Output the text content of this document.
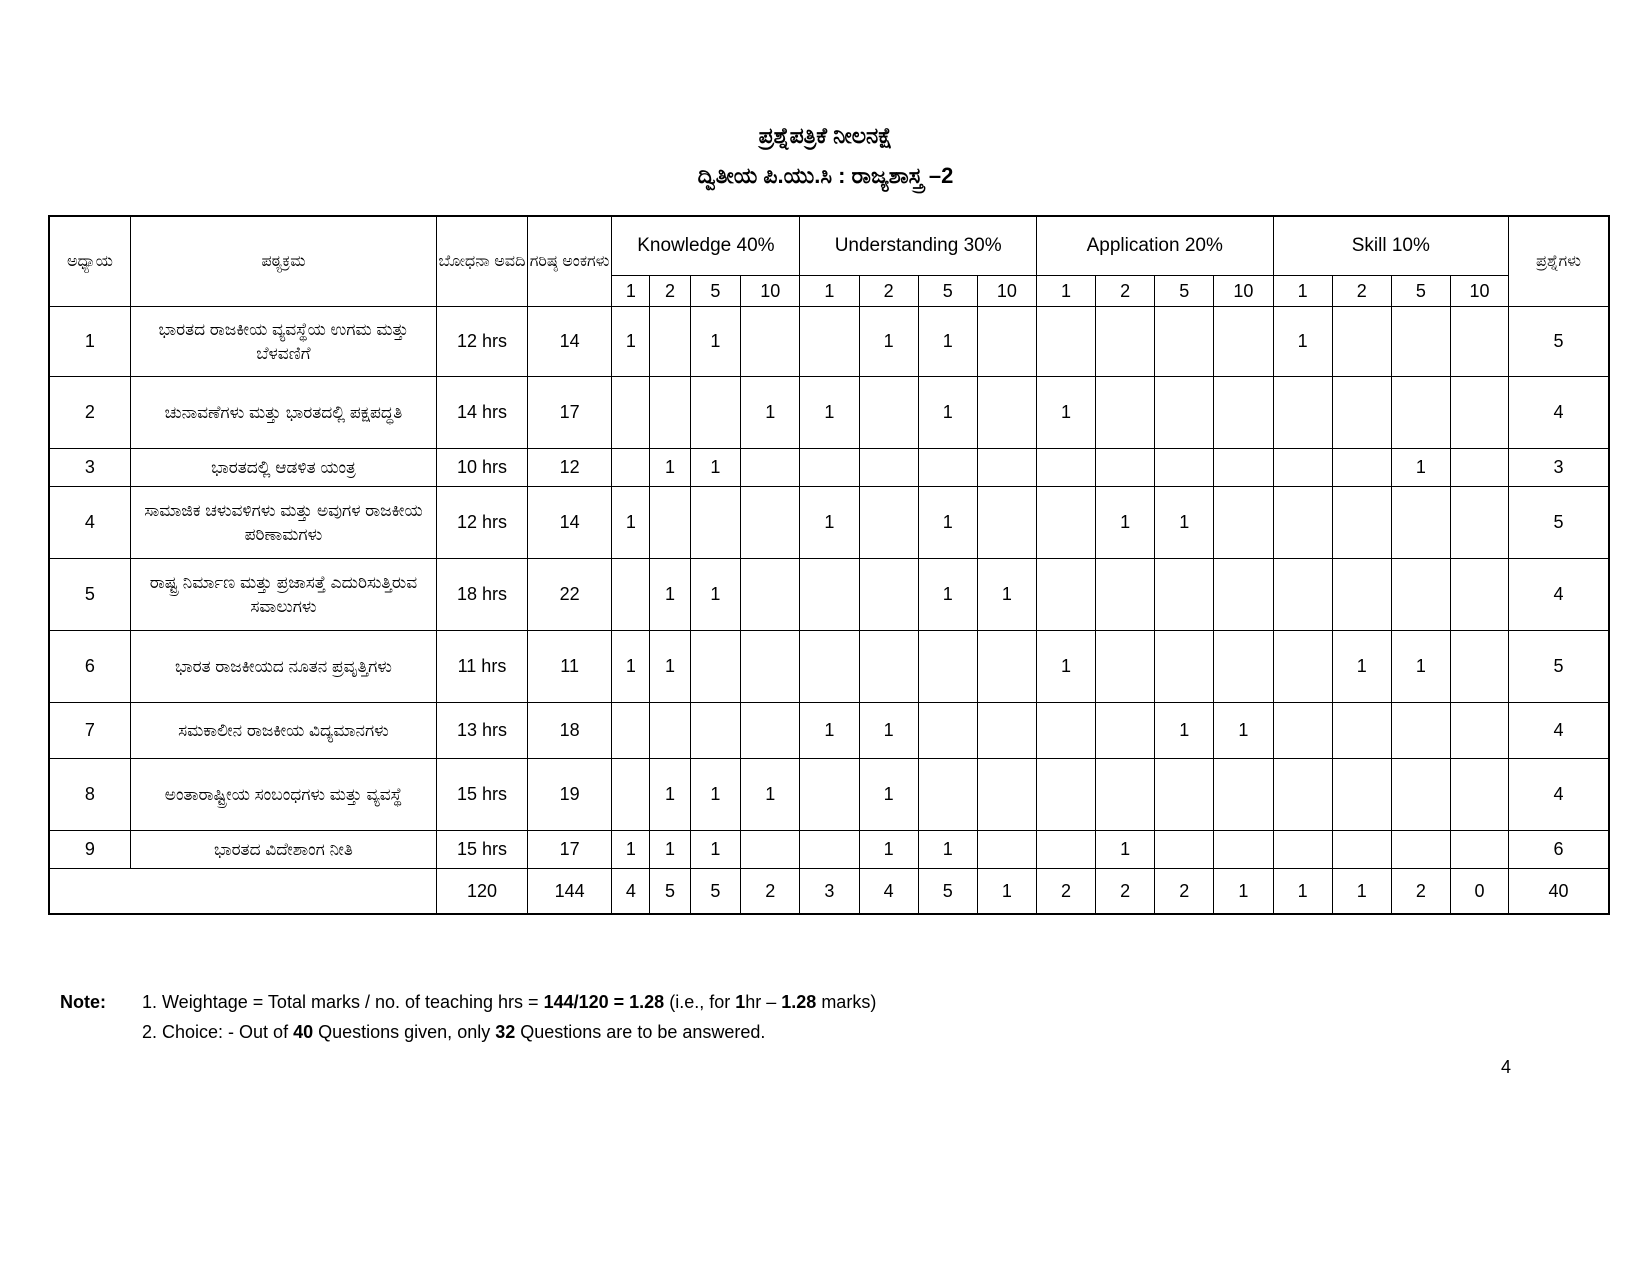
ಪ್ರಶ್ನೆಪತ್ರಿಕೆ ನೀಲನಕ್ಷೆ
ದ್ವಿತೀಯ ಪಿ.ಯು.ಸಿ : ರಾಜ್ಯಶಾಸ್ತ್ರ –2
ಅಧ್ಯಾಯ	ಪಠ್ಯಕ್ರಮ	ಬೋಧನಾ ಅವದಿ	ಗರಿಷ್ಠ ಅಂಕಗಳು	Knowledge 40%				Understanding 30%				Application 20%				Skill 10%				ಪ್ರಶ್ನೆಗಳು
				1	2	5	10	1	2	5	10	1	2	5	10	1	2	5	10	
1	ಭಾರತದ ರಾಜಕೀಯ ವ್ಯವಸ್ಥೆಯ ಉಗಮ ಮತ್ತು ಬೆಳವಣಿಗೆ	12 hrs	14	1		1			1	1						1				5
2	ಚುನಾವಣೆಗಳು ಮತ್ತು ಭಾರತದಲ್ಲಿ ಪಕ್ಷಪದ್ಧತಿ	14 hrs	17				1	1		1		1								4
3	ಭಾರತದಲ್ಲಿ ಆಡಳಿತ ಯಂತ್ರ	10 hrs	12		1	1												1		3
4	ಸಾಮಾಜಿಕ ಚಳುವಳಿಗಳು ಮತ್ತು ಅವುಗಳ ರಾಜಕೀಯ ಪರಿಣಾಮಗಳು	12 hrs	14	1				1		1			1	1						5
5	ರಾಷ್ಟ್ರ ನಿರ್ಮಾಣ ಮತ್ತು ಪ್ರಜಾಸತ್ತೆ ಎದುರಿಸುತ್ತಿರುವ ಸವಾಲುಗಳು	18 hrs	22		1	1				1	1									4
6	ಭಾರತ ರಾಜಕೀಯದ ನೂತನ ಪ್ರವೃತ್ತಿಗಳು	11 hrs	11	1	1							1					1	1		5
7	ಸಮಕಾಲೀನ ರಾಜಕೀಯ ವಿದ್ಯಮಾನಗಳು	13 hrs	18					1	1					1	1					4
8	ಅಂತಾರಾಷ್ಟ್ರೀಯ ಸಂಬಂಧಗಳು ಮತ್ತು ವ್ಯವಸ್ಥೆ	15 hrs	19		1	1	1		1											4
9	ಭಾರತದ ವಿದೇಶಾಂಗ ನೀತಿ	15 hrs	17	1	1	1			1	1			1							6
		120	144	4	5	5	2	3	4	5	1	2	2	2	1	1	1	2	0	40
Note: 1. Weightage = Total marks / no. of teaching hrs = 144/120 = 1.28 (i.e., for 1hr – 1.28 marks)
2. Choice: - Out of 40 Questions given, only 32 Questions are to be answered.
4
